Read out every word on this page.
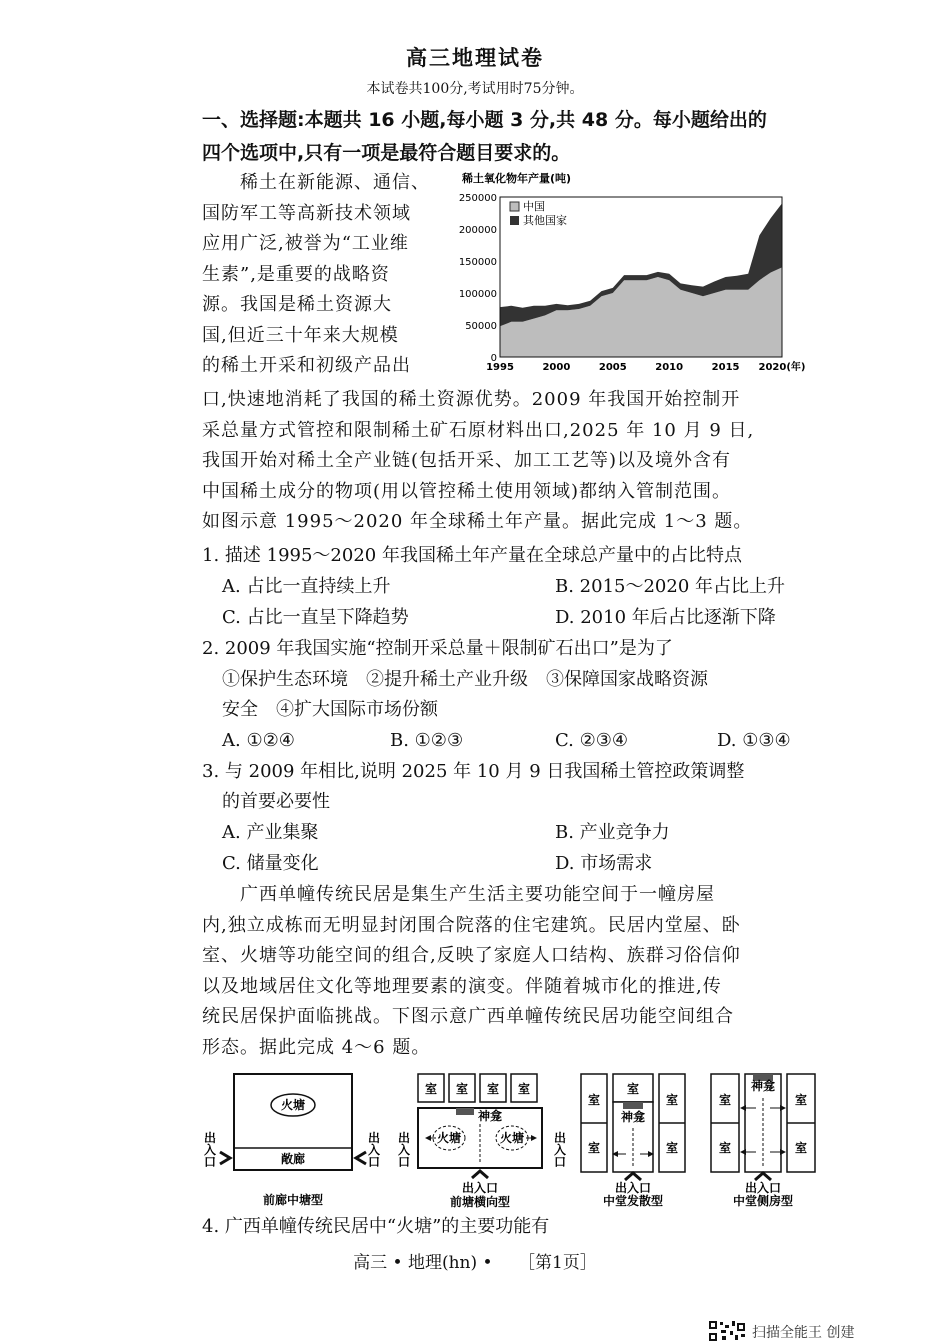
高三地理试卷
本试卷共100分,考试用时75分钟。
一、选择题:本题共 16 小题,每小题 3 分,共 48 分。每小题给出的
四个选项中,只有一项是最符合题目要求的。
　　稀土在新能源、通信、
国防军工等高新技术领域
应用广泛,被誉为“工业维
生素”,是重要的战略资
源。我国是稀土资源大
国,但近三十年来大规模
的稀土开采和初级产品出
稀土氧化物年产量(吨)
0
50000
100000
150000
200000
250000
1995	2000	2005	2010	2015 2020(年)
中国
其他国家
口,快速地消耗了我国的稀土资源优势。2009 年我国开始控制开
采总量方式管控和限制稀土矿石原材料出口,2025 年 10 月 9 日,
我国开始对稀土全产业链(包括开采、加工工艺等)以及境外含有
中国稀土成分的物项(用以管控稀土使用领域)都纳入管制范围。
如图示意 1995～2020 年全球稀土年产量。据此完成 1～3 题。
1. 描述 1995～2020 年我国稀土年产量在全球总产量中的占比特点
A. 占比一直持续上升	B. 2015～2020 年占比上升
C. 占比一直呈下降趋势	D. 2010 年后占比逐渐下降
2. 2009 年我国实施“控制开采总量＋限制矿石出口”是为了
①保护生态环境　②提升稀土产业升级　③保障国家战略资源
安全　④扩大国际市场份额
A. ①②④	B. ①②③	C. ②③④	D. ①③④
3. 与 2009 年相比,说明 2025 年 10 月 9 日我国稀土管控政策调整
的首要必要性
A. 产业集聚	B. 产业竞争力
C. 储量变化	D. 市场需求
　　广西单幢传统民居是集生产生活主要功能空间于一幢房屋
内,独立成栋而无明显封闭围合院落的住宅建筑。民居内堂屋、卧
室、火塘等功能空间的组合,反映了家庭人口结构、族群习俗信仰
以及地域居住文化等地理要素的演变。伴随着城市化的推进,传
统民居保护面临挑战。下图示意广西单幢传统民居功能空间组合
形态。据此完成 4～6 题。
火塘
敞廊
出
入
口
出
入
口
室 室 室 室
神龛
火塘	火塘
出
入
口
出
入
口
出入口
室
室
室
神龛
室
室
出入口
室
室
神龛
室
室
出入口
前廊中塘型	前塘横向型	中堂发散型	中堂侧房型
4. 广西单幢传统民居中“火塘”的主要功能有
高三 • 地理(hn) •　　［第1页］
扫描全能王 创建
